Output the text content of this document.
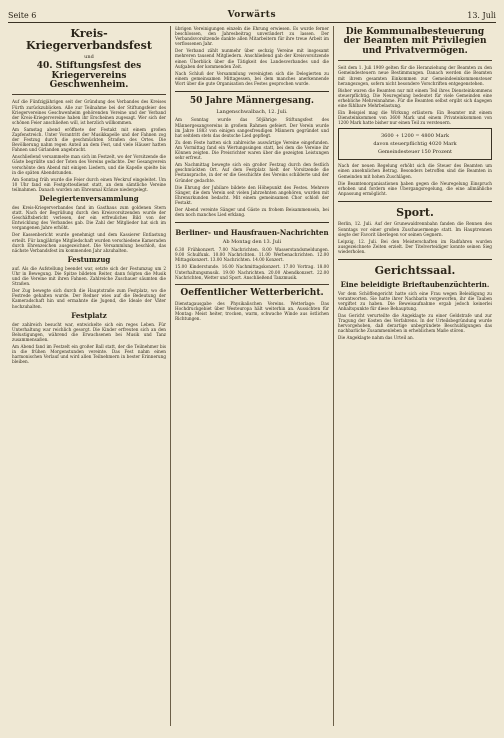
Seite 6	Vorwärts	13. Juli
Kreis-Kriegerverbandsfest
und
40. Stiftungsfest des Kriegervereins Geschwenheim.

Auf die Fünfzigjährigen seit der Gründung des Verbandes des Kreises Fürth zurückzublicken. Alle zur Teilnahme bei der Stiftungsfeier des Kriegervereines Geschwenheim gehörenden Vereine und der Verband der Kreis-Kriegervereine haben ihr Erscheinen zugesagt. Wer sich der schönen Feier anschließen will, ist herzlich willkommen.

Am Samstag abend eröffnete der Festakt mit einem großen Zapfenstreich. Unter Vorantritt der Musikkapelle und der Fahnen zog der Festzug durch die geschmückten Straßen des Ortes. Die Bevölkerung nahm regen Anteil an dem Fest, und viele Häuser hatten Fahnen und Girlanden angebracht.

Anschließend versammelte man sich im Festzelt, wo der Vorsitzende die Gäste begrüßte und der Toten des Vereins gedachte. Der Gesangverein verschönte den Abend mit einigen Liedern, und die Kapelle spielte bis in die späten Abendstunden.

Am Sonntag früh wurde die Feier durch einen Weckruf eingeleitet. Um 10 Uhr fand ein Festgottesdienst statt, an dem sämtliche Vereine teilnahmen. Danach wurden am Ehrenmal Kränze niedergelegt.

Delegiertenversammlung

des Kreis-Kriegerverbandes fand im Gasthaus zum goldenen Stern statt. Nach der Begrüßung durch den Kreisvorsitzenden wurde der Geschäftsbericht verlesen, der ein erfreuliches Bild von der Entwicklung des Verbandes gab. Die Zahl der Mitglieder hat sich im vergangenen Jahre erhöht.

Der Kassenbericht wurde genehmigt und dem Kassierer Entlastung erteilt. Für langjährige Mitgliedschaft wurden verschiedene Kameraden durch Ehrenzeichen ausgezeichnet. Die Versammlung beschloß, das nächste Verbandsfest im kommenden Jahr abzuhalten.

Festumzug

auf. Als die Aufstellung beendet war, setzte sich der Festumzug um 2 Uhr in Bewegung. Die Spitze bildeten Reiter, dann folgten die Musik und die Vereine mit ihren Fahnen. Zahlreiche Zuschauer säumten die Straßen.

Der Zug bewegte sich durch die Hauptstraße zum Festplatz, wo die Festrede gehalten wurde. Der Redner wies auf die Bedeutung der Kameradschaft hin und ermahnte die Jugend, die Ideale der Väter hochzuhalten.

Festplatz

der zahlreich besucht war, entwickelte sich ein reges Leben. Für Unterhaltung war reichlich gesorgt. Die Kinder erfreuten sich an den Belustigungen, während die Erwachsenen bei Musik und Tanz zusammensaßen.

Am Abend fand im Festzelt ein großer Ball statt, der die Teilnehmer bis in die frühen Morgenstunden vereinte. Das Fest nahm einen harmonischen Verlauf und wird allen Teilnehmern in bester Erinnerung bleiben.

übrigen Vereinigungen einzeln die Ehrung erwiesen. Es wurde ferner beschlossen, den Jahresbeitrag unverändert zu lassen. Der Verbandsvorsitzende dankte allen Mitarbeitern für ihre treue Arbeit im verflossenen Jahr.

Der Verband zählt nunmehr über sechzig Vereine mit insgesamt mehreren tausend Mitgliedern. Anschließend gab der Kreisvorsitzende einen Überblick über die Tätigkeit des Landesverbandes und die Aufgaben der kommenden Zeit.

Nach Schluß der Versammlung vereinigten sich die Delegierten zu einem gemeinsamen Mittagessen, bei dem manches anerkennende Wort über die gute Organisation des Festes gesprochen wurde.

50 Jahre Männergesang.
Langenschwalbach, 12. Juli.

Am Sonntag wurde das 50jährige Stiftungsfest des Männergesangvereins in großem Rahmen gefeiert. Der Verein wurde im Jahre 1883 von einigen sangesfreudigen Männern gegründet und hat seitdem stets das deutsche Lied gepflegt.

Zu dem Feste hatten sich zahlreiche auswärtige Vereine eingefunden. Am Vormittag fand ein Wertungssingen statt, bei dem die Vereine ihr Können zeigten. Die Preisrichter waren über die gezeigten Leistungen sehr erfreut.

Am Nachmittag bewegte sich ein großer Festzug durch den festlich geschmückten Ort. Auf dem Festplatz hielt der Vorsitzende die Festansprache, in der er die Geschichte des Vereins schilderte und der Gründer gedachte.

Die Ehrung der Jubilare bildete den Höhepunkt des Festes. Mehrere Sänger, die dem Verein seit vielen Jahrzehnten angehören, wurden mit Ehrenurkunden bedacht. Mit einem gemeinsamen Chor schloß der Festakt.

Der Abend vereinte Sänger und Gäste zu frohem Beisammensein, bei dem noch manches Lied erklang.

Berliner- und Hausfrauen-Nachrichten
Ab Montag den 13. Juli

6.30 Frühkonzert. 7.00 Nachrichten. 8.00 Wasserstandsmeldungen. 9.00 Schulfunk. 10.00 Nachrichten. 11.00 Werbenachrichten. 12.00 Mittagskonzert. 13.00 Nachrichten. 14.00 Konzert.

15.00 Kinderstunde. 16.00 Nachmittagskonzert. 17.00 Vortrag. 18.00 Unterhaltungsmusik. 19.00 Nachrichten. 20.00 Abendkonzert. 22.00 Nachrichten, Wetter und Sport. Anschließend Tanzmusik.

Oeffentlicher Wetterbericht.

Dienstagausgabe des Physikalischen Vereins. Wetterlage: Das Hochdruckgebiet über Westeuropa hält weiterhin an. Aussichten für Montag: Meist heiter, trocken, warm, schwache Winde aus östlichen Richtungen.

Die Kommunalbesteuerung der Beamten mit Privilegien und Privatvermögen.

Seit dem 1. Juli 1909 gelten für die Heranziehung der Beamten zu den Gemeindesteuern neue Bestimmungen. Danach werden die Beamten mit ihrem gesamten Einkommen zur Gemeindeeinkommensteuer herangezogen, sofern nicht besondere Vorschriften entgegenstehen.

Bisher waren die Beamten nur mit einem Teil ihres Diensteinkommens steuerpflichtig. Die Neuregelung bedeutet für viele Gemeinden eine erhebliche Mehreinnahme. Für die Beamten selbst ergibt sich dagegen eine fühlbare Mehrbelastung.

Ein Beispiel mag die Wirkung erläutern: Ein Beamter mit einem Diensteinkommen von 3600 Mark und einem Privateinkommen von 1200 Mark hatte bisher nur einen Teil zu versteuern.

3600 + 1200 = 4800 Mark
davon steuerpflichtig 4020 Mark
Gemeindesteuer 150 Prozent

Nach der neuen Regelung erhöht sich die Steuer des Beamten um einen ansehnlichen Betrag. Besonders betroffen sind die Beamten in Gemeinden mit hohen Zuschlägen.

Die Beamtenorganisationen haben gegen die Neuregelung Einspruch erhoben und fordern eine Übergangsregelung, die eine allmähliche Anpassung ermöglicht.

Sport.

Berlin, 12. Juli. Auf der Grunewaldrennbahn fanden die Rennen des Sonntags vor einer großen Zuschauermenge statt. Im Hauptrennen siegte der Favorit überlegen vor seinen Gegnern.

Leipzig, 12. Juli. Bei den Meisterschaften im Radfahren wurden ausgezeichnete Zeiten erzielt. Der Titelverteidiger konnte seinen Sieg wiederholen.

Gerichtssaal.
Eine beleidigte Brieftaubenzüchterin.

Vor dem Schöffengericht hatte sich eine Frau wegen Beleidigung zu verantworten. Sie hatte ihrer Nachbarin vorgeworfen, ihr die Tauben vergiftet zu haben. Die Beweisaufnahme ergab jedoch keinerlei Anhaltspunkte für diese Behauptung.

Das Gericht verurteilte die Angeklagte zu einer Geldstrafe und zur Tragung der Kosten des Verfahrens. In der Urteilsbegründung wurde hervorgehoben, daß derartige unbegründete Beschuldigungen das nachbarliche Zusammenleben in erheblichem Maße stören.

Die Angeklagte nahm das Urteil an.
